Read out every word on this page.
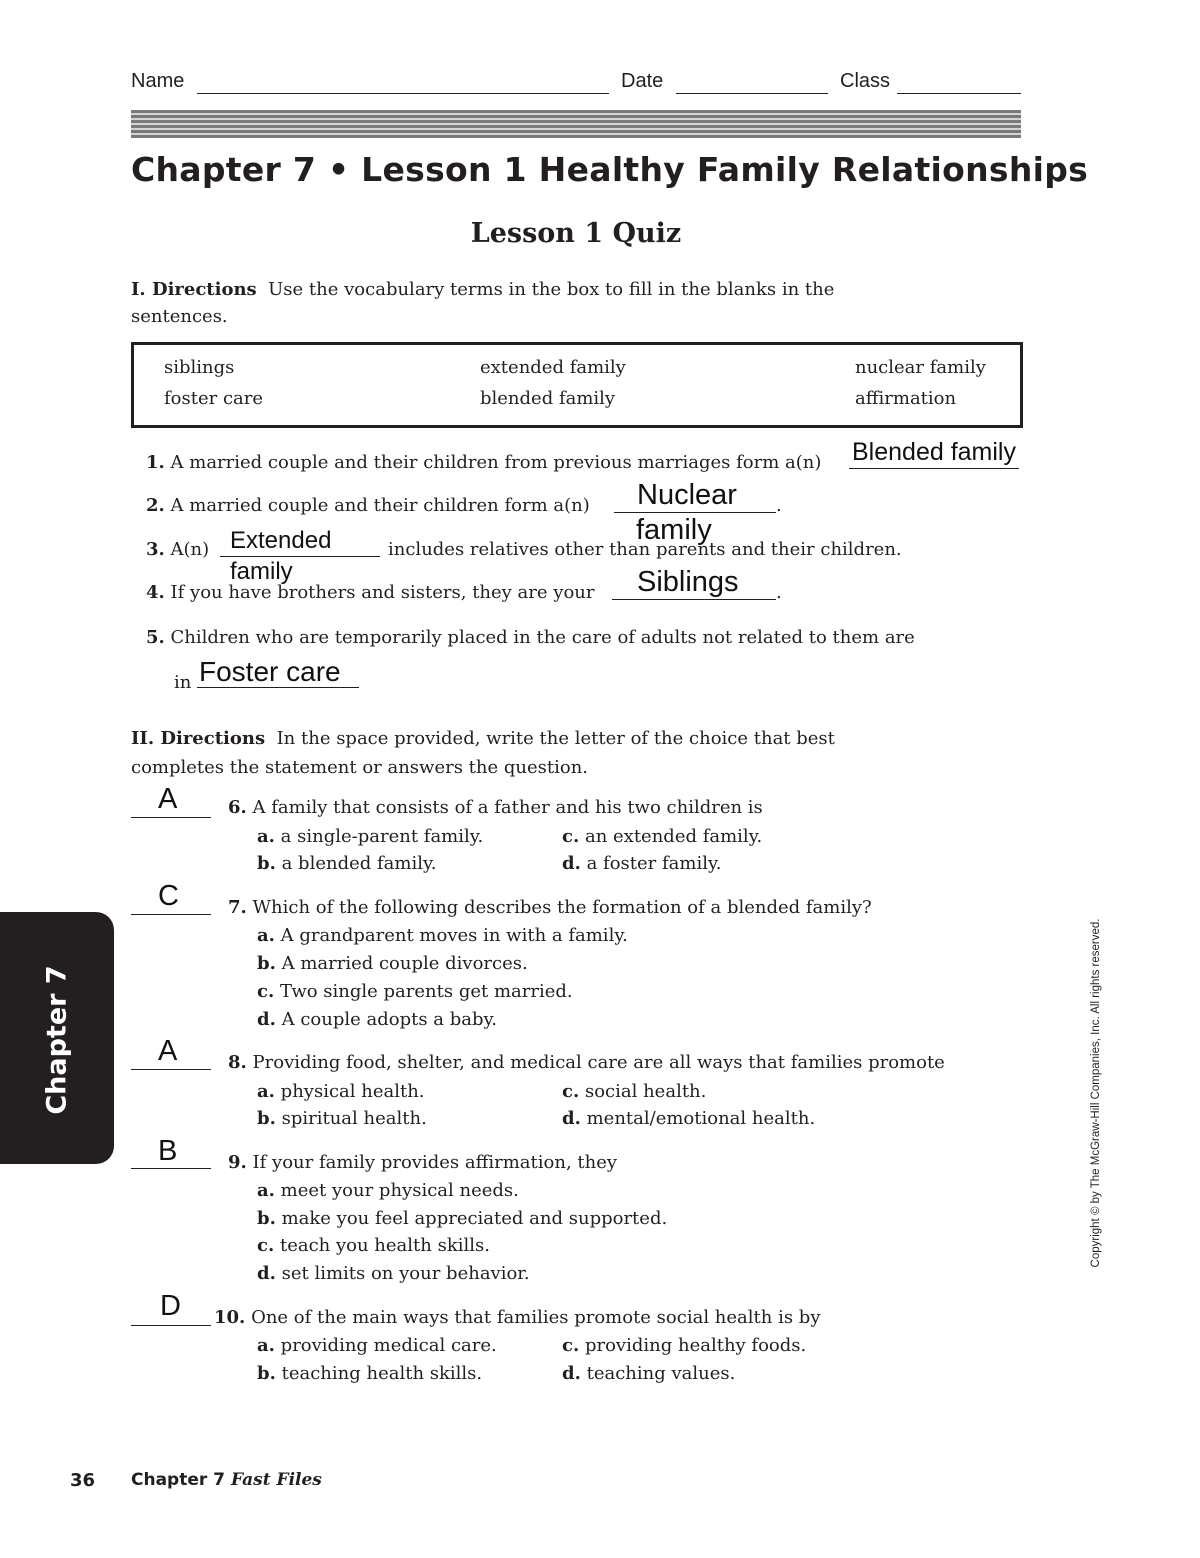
Name	Date	Class
Chapter 7 • Lesson 1 Healthy Family Relationships
Lesson 1 Quiz
I. Directions Use the vocabulary terms in the box to fill in the blanks in the sentences.
siblings	extended family	nuclear family
foster care	blended family	affirmation
1. A married couple and their children from previous marriages form a(n) Blended family
2. A married couple and their children form a(n)	.
Nuclear
family
3. A(n)	includes relatives other than parents and their children.
Extended
family
4. If you have brothers and sisters, they are your	.
Siblings
5. Children who are temporarily placed in the care of adults not related to them are
in Foster care
II. Directions In the space provided, write the letter of the choice that best completes the statement or answers the question.
A	6. A family that consists of a father and his two children is
a. a single-parent family.	c. an extended family.
b. a blended family.	d. a foster family.
C	7. Which of the following describes the formation of a blended family?
a. A grandparent moves in with a family.
b. A married couple divorces.
c. Two single parents get married.
d. A couple adopts a baby.
A	8. Providing food, shelter, and medical care are all ways that families promote
a. physical health.	c. social health.
b. spiritual health.	d. mental/emotional health.
B	9. If your family provides affirmation, they
a. meet your physical needs.
b. make you feel appreciated and supported.
c. teach you health skills.
d. set limits on your behavior.
D 10. One of the main ways that families promote social health is by
a. providing medical care.	c. providing healthy foods.
b. teaching health skills.	d. teaching values.
Chapter 7	Copyright © by The McGraw-Hill Companies, Inc. All rights reserved.
36 Chapter 7 Fast Files
